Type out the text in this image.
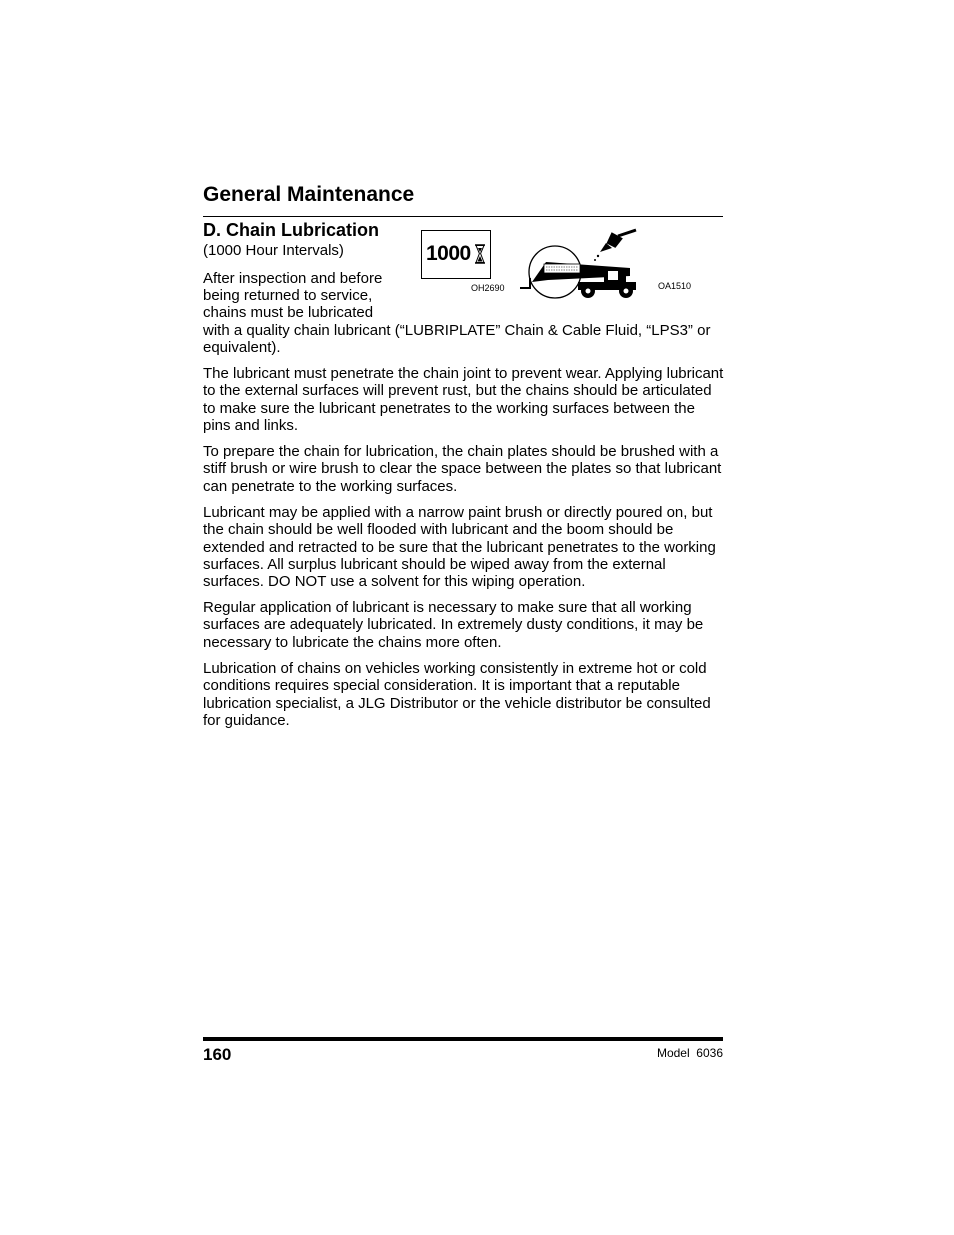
General Maintenance
D. Chain Lubrication
(1000 Hour Intervals)	1000
OH2690	OA1510
After inspection and before
being returned to service,
chains must be lubricated

with a quality chain lubricant (“LUBRIPLATE” Chain & Cable Fluid, “LPS3” or equivalent).

The lubricant must penetrate the chain joint to prevent wear. Applying lubricant to the external surfaces will prevent rust, but the chains should be articulated to make sure the lubricant penetrates to the working surfaces between the pins and links.

To prepare the chain for lubrication, the chain plates should be brushed with a stiff brush or wire brush to clear the space between the plates so that lubricant can penetrate to the working surfaces.

Lubricant may be applied with a narrow paint brush or directly poured on, but the chain should be well flooded with lubricant and the boom should be extended and retracted to be sure that the lubricant penetrates to the working surfaces. All surplus lubricant should be wiped away from the external surfaces. DO NOT use a solvent for this wiping operation.

Regular application of lubricant is necessary to make sure that all working surfaces are adequately lubricated. In extremely dusty conditions, it may be necessary to lubricate the chains more often.

Lubrication of chains on vehicles working consistently in extreme hot or cold conditions requires special consideration. It is important that a reputable lubrication specialist, a JLG Distributor or the vehicle distributor be consulted for guidance.

160	Model  6036
